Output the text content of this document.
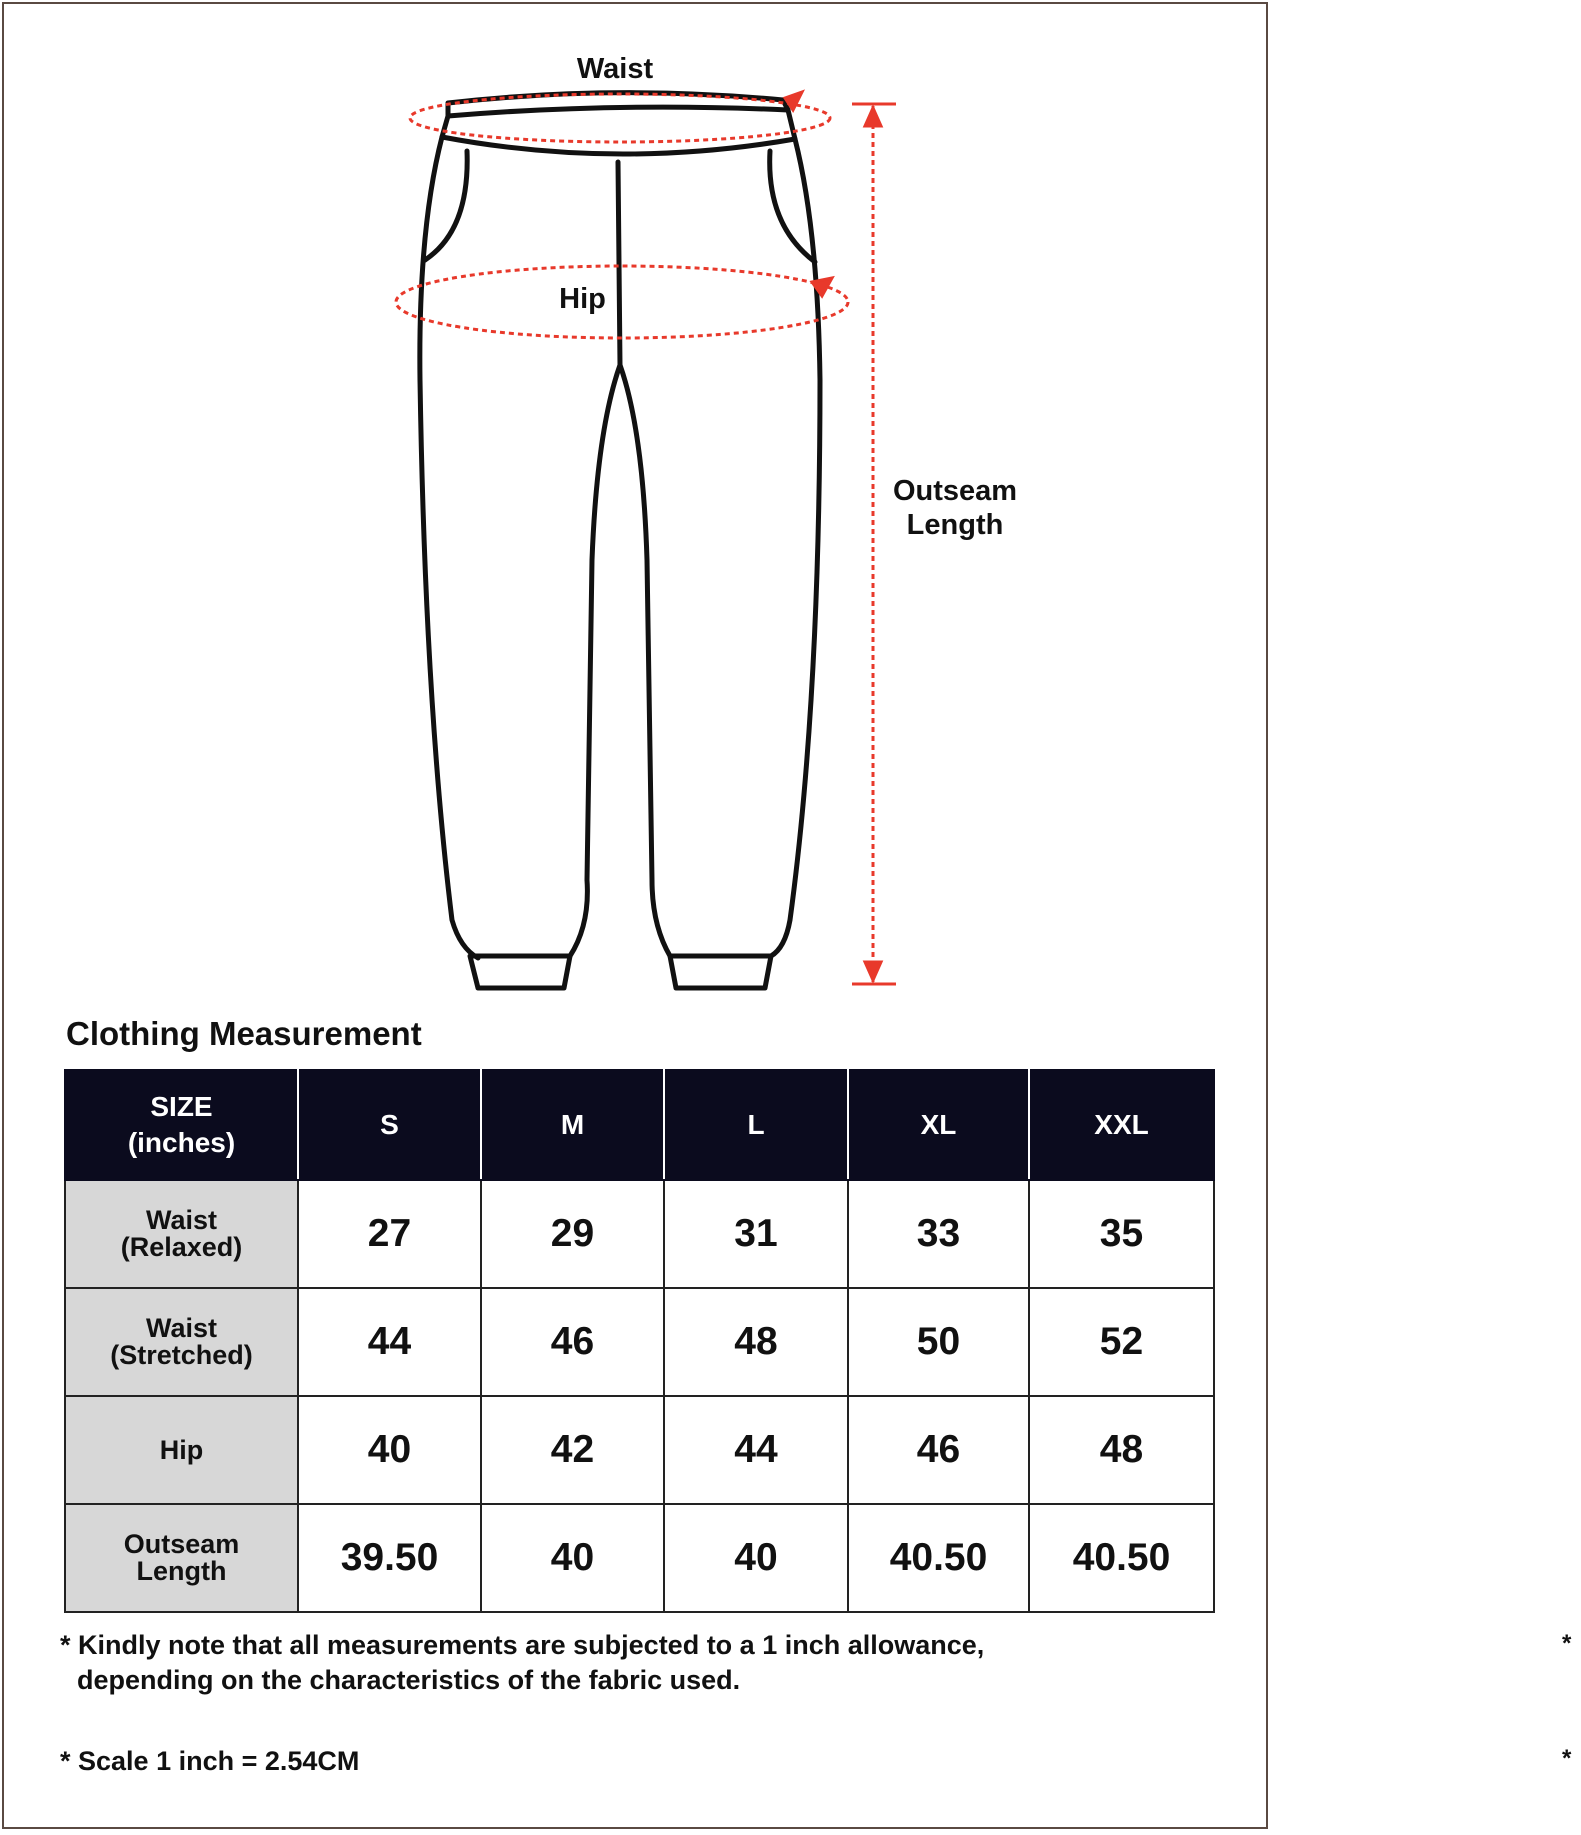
Waist
Hip
Outseam
Length
Clothing Measurement
SIZE
(inches)	S	M	L	XL	XXL

Waist
(Relaxed)	27	29	31	33	35

Waist
(Stretched)	44	46	48	50	52

Hip	40	42	44	46	48

Outseam
Length	39.50	40	40	40.50	40.50
* Kindly note that all measurements are subjected to a 1 inch allowance,
depending on the characteristics of the fabric used.
* Scale 1 inch = 2.54CM
*
*
